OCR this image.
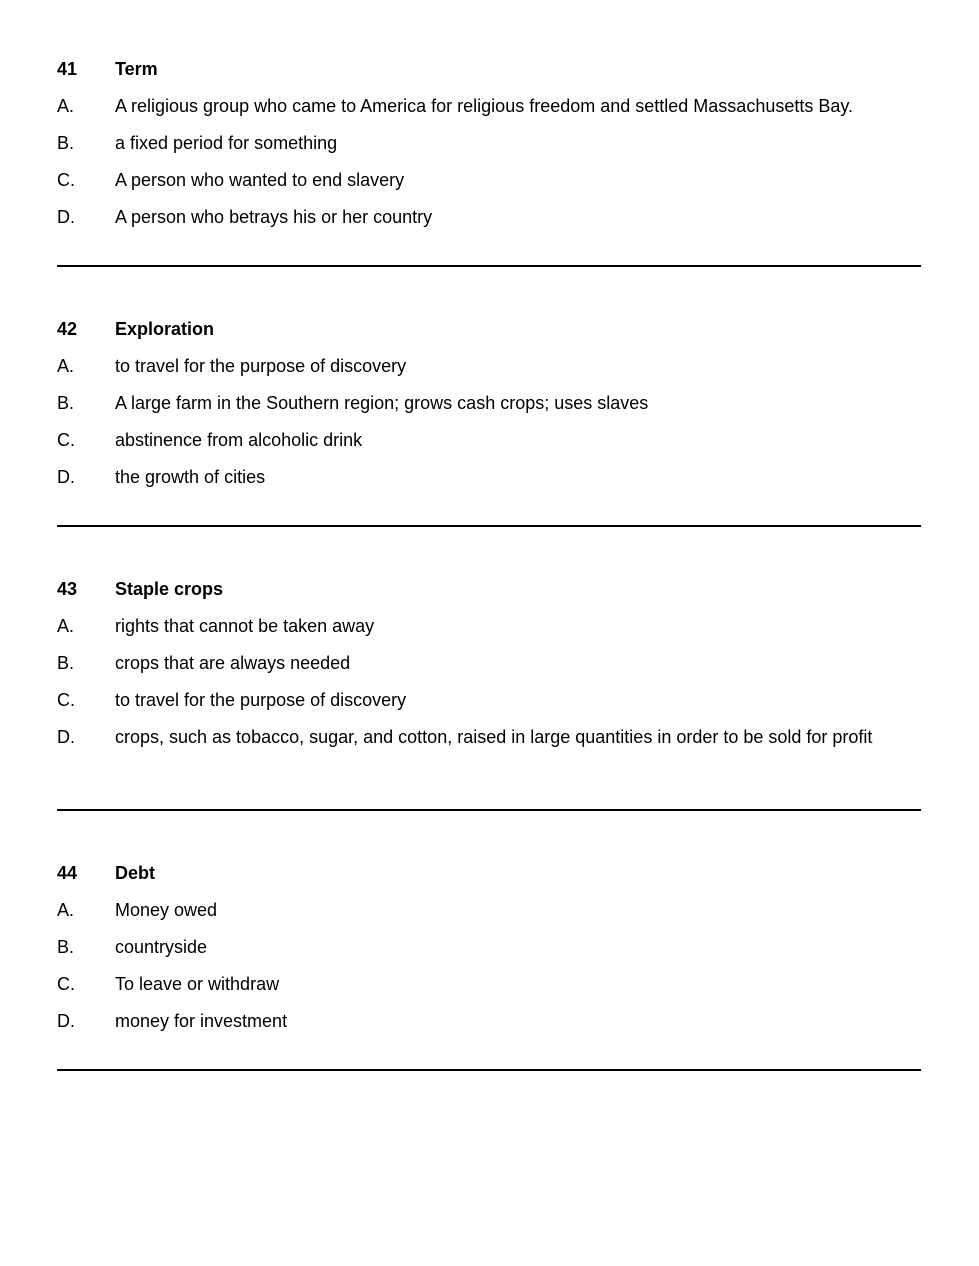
41 Term
A. A religious group who came to America for religious freedom and settled Massachusetts Bay.
B. a fixed period for something
C. A person who wanted to end slavery
D. A person who betrays his or her country
42 Exploration
A. to travel for the purpose of discovery
B. A large farm in the Southern region; grows cash crops; uses slaves
C. abstinence from alcoholic drink
D. the growth of cities
43 Staple crops
A. rights that cannot be taken away
B. crops that are always needed
C. to travel for the purpose of discovery
D. crops, such as tobacco, sugar, and cotton, raised in large quantities in order to be sold for profit
44 Debt
A. Money owed
B. countryside
C. To leave or withdraw
D. money for investment
